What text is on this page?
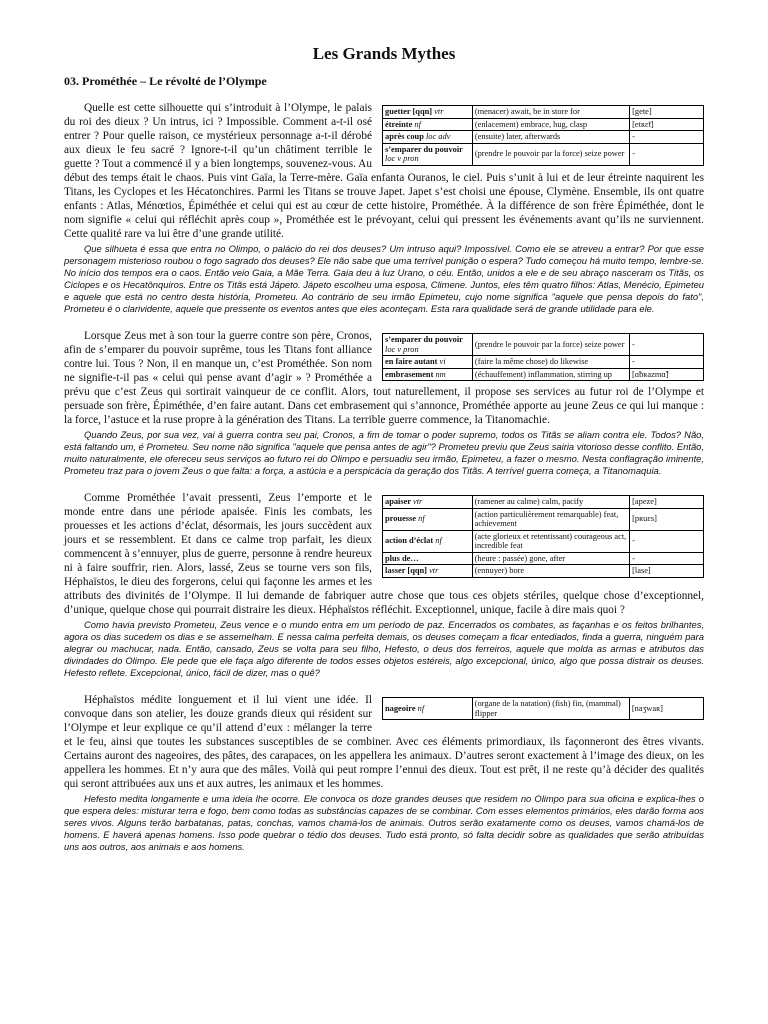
Les Grands Mythes
03. Prométhée – Le révolté de l’Olympe
guetter [qqn] vtr	(menacer) await, be in store for	[gete]
étreinte nf	(enlacement) embrace, hug, clasp	[etʀɛ̃t]
après coup loc adv	(ensuite) later, afterwards	-
s’emparer du pouvoir loc v pron	(prendre le pouvoir par la force) seize power	-

Quelle est cette silhouette qui s’introduit à l’Olympe, le palais du roi des dieux ? Un intrus, ici ? Impossible. Comment a-t-il osé entrer ? Pour quelle raison, ce mystérieux personnage a-t-il dérobé aux dieux le feu sacré ? Ignore-t-il qu’un châtiment terrible le guette ? Tout a commencé il y a bien longtemps, souvenez-vous. Au début des temps était le chaos. Puis vint Gaïa, la Terre-mère. Gaïa enfanta Ouranos, le ciel. Puis s’unit à lui et de leur étreinte naquirent les Titans, les Cyclopes et les Hécatonchires. Parmi les Titans se trouve Japet. Japet s’est choisi une épouse, Clymène. Ensemble, ils ont quatre enfants : Atlas, Ménœtios, Épiméthée et celui qui est au cœur de cette histoire, Prométhée. À la différence de son frère Épiméthée, dont le nom signifie « celui qui réfléchit après coup », Prométhée est le prévoyant, celui qui pressent les événements avant qu’ils ne surviennent. Cette qualité rare va lui être d’une grande utilité.

Que silhueta é essa que entra no Olimpo, o palácio do rei dos deuses? Um intruso aqui? Impossível. Como ele se atreveu a entrar? Por que esse personagem misterioso roubou o fogo sagrado dos deuses? Ele não sabe que uma terrível punição o espera? Tudo começou há muito tempo, lembre-se. No início dos tempos era o caos. Então veio Gaia, a Mãe Terra. Gaia deu à luz Urano, o céu. Então, unidos a ele e de seu abraço nasceram os Titãs, os Ciclopes e os Hecatônquiros. Entre os Titãs está Jápeto. Jápeto escolheu uma esposa, Climene. Juntos, eles têm quatro filhos: Atlas, Menécio, Epimeteu e aquele que está no centro desta história, Prometeu. Ao contrário de seu irmão Epimeteu, cujo nome significa "aquele que pensa depois do fato", Prometeu é o clarividente, aquele que pressente os eventos antes que eles aconteçam. Esta rara qualidade será de grande utilidade para ele.

s’emparer du pouvoir loc v pron	(prendre le pouvoir par la force) seize power	-
en faire autant vi	(faire la même chose) do likewise	-
embrasement nm	(échauffement) inflammation, stirring up	[ɑ̃bʀazmɑ̃]

Lorsque Zeus met à son tour la guerre contre son père, Cronos, afin de s’emparer du pouvoir suprême, tous les Titans font alliance contre lui. Tous ? Non, il en manque un, c’est Prométhée. Son nom ne signifie-t-il pas « celui qui pense avant d’agir » ? Prométhée a prévu que c’est Zeus qui sortirait vainqueur de ce conflit. Alors, tout naturellement, il propose ses services au futur roi de l’Olympe et persuade son frère, Épiméthée, d’en faire autant. Dans cet embrasement qui s’annonce, Prométhée apporte au jeune Zeus ce qui lui manque : la force, l’astuce et la ruse propre à la génération des Titans. La terrible guerre commence, la Titanomachie.

Quando Zeus, por sua vez, vai à guerra contra seu pai, Cronos, a fim de tomar o poder supremo, todos os Titãs se aliam contra ele. Todos? Não, está faltando um, é Prometeu. Seu nome não significa "aquele que pensa antes de agir"? Prometeu previu que Zeus sairia vitorioso desse conflito. Então, muito naturalmente, ele ofereceu seus serviços ao futuro rei do Olimpo e persuadiu seu irmão, Epimeteu, a fazer o mesmo. Nesta conflagração iminente, Prometeu traz para o jovem Zeus o que falta: a força, a astúcia e a perspicácia da geração dos Titãs. A terrível guerra começa, a Titanomaquia.

apaiser vtr	(ramener au calme) calm, pacify	[apeze]
prouesse nf	(action particulièrement remarquable) feat, achievement	[pʀuɛs]
action d’éclat nf	(acte glorieux et retentissant) courageous act, incredible feat	-
plus de…	(heure : passée) gone, after	-
lasser [qqn] vtr	(ennuyer) bore	[lase]

Comme Prométhée l’avait pressenti, Zeus l’emporte et le monde entre dans une période apaisée. Finis les combats, les prouesses et les actions d’éclat, désormais, les jours succèdent aux jours et se ressemblent. Et dans ce calme trop parfait, les dieux commencent à s’ennuyer, plus de guerre, personne à rendre heureux ni à faire souffrir, rien. Alors, lassé, Zeus se tourne vers son fils, Héphaïstos, le dieu des forgerons, celui qui façonne les armes et les attributs des divinités de l’Olympe. Il lui demande de fabriquer autre chose que tous ces objets stériles, quelque chose d’exceptionnel, d’unique, quelque chose qui pourrait distraire les dieux. Héphaïstos réfléchit. Exceptionnel, unique, facile à dire mais quoi ?

Como havia previsto Prometeu, Zeus vence e o mundo entra em um período de paz. Encerrados os combates, as façanhas e os feitos brilhantes, agora os dias sucedem os dias e se assemelham. E nessa calma perfeita demais, os deuses começam a ficar entediados, finda a guerra, ninguém para alegrar ou machucar, nada. Então, cansado, Zeus se volta para seu filho, Hefesto, o deus dos ferreiros, aquele que molda as armas e atributos das divindades do Olimpo. Ele pede que ele faça algo diferente de todos esses objetos estéreis, algo excepcional, único, algo que possa distrair os deuses. Hefesto reflete. Excepcional, único, fácil de dizer, mas o quê?

nageoire nf	(organe de la natation) (fish) fin, (mammal) flipper	[naʒwaʀ]

Héphaïstos médite longuement et il lui vient une idée. Il convoque dans son atelier, les douze grands dieux qui résident sur l’Olympe et leur explique ce qu’il attend d’eux : mélanger la terre et le feu, ainsi que toutes les substances susceptibles de se combiner. Avec ces éléments primordiaux, ils façonneront des êtres vivants. Certains auront des nageoires, des pâtes, des carapaces, on les appellera les animaux. D’autres seront exactement à l’image des dieux, on les appellera les hommes. Et n’y aura que des mâles. Voilà qui peut rompre l’ennui des dieux. Tout est prêt, il ne reste qu’à décider des qualités qui seront attribuées aux uns et aux autres, les animaux et les hommes.

Hefesto medita longamente e uma ideia lhe ocorre. Ele convoca os doze grandes deuses que residem no Olimpo para sua oficina e explica-lhes o que espera deles: misturar terra e fogo, bem como todas as substâncias capazes de se combinar. Com esses elementos primários, eles darão forma aos seres vivos. Alguns terão barbatanas, patas, conchas, vamos chamá-los de animais. Outros serão exatamente como os deuses, vamos chamá-los de homens. E haverá apenas homens. Isso pode quebrar o tédio dos deuses. Tudo está pronto, só falta decidir sobre as qualidades que serão atribuídas uns aos outros, aos animais e aos homens.
